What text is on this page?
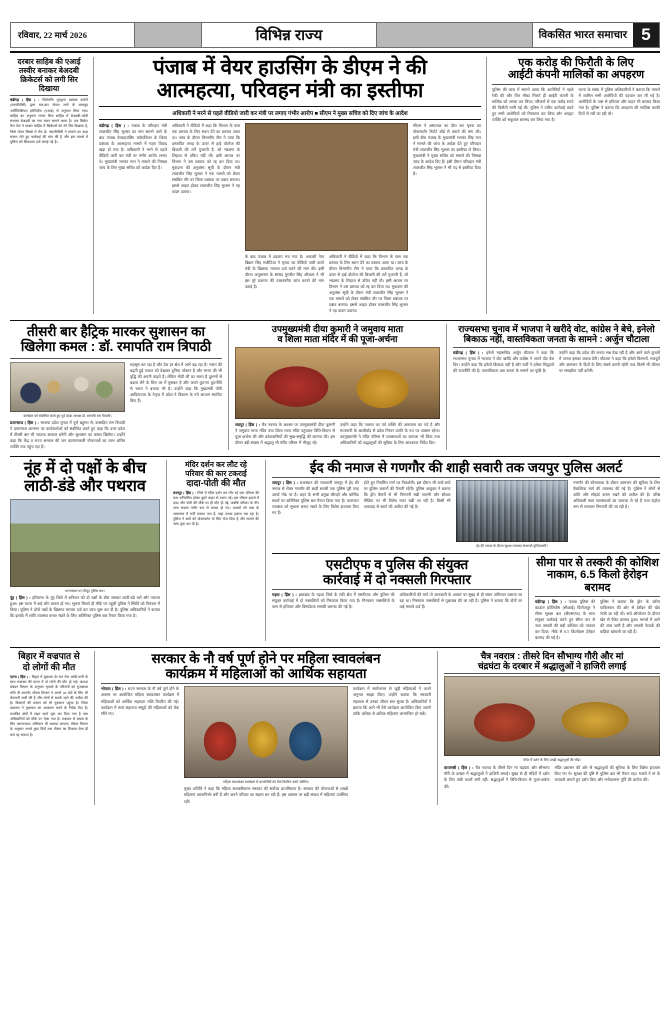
रविवार, 22 मार्च 2026	विभिन्न राज्य	विकसित भारत समाचार 5
दरबार साहिब की एआई
तस्वीर बनाकर बेअदबी
क्रिकेटर्स को लगी सिर दिखाया
चंडीगढ़ ( हिंस ) : शिरोमणि गुरुद्वारा प्रबंधक कमेटी (एसजीपीसी) द्वारा बार-बार चेताए जाने के बावजूद आर्टिफिशियल इंटेलिजेंस (एआई) से अनुमान लिया गया। साहिब का अनुमान लगाए बिना साहिब में बेअदबी-भरेदी बनाकर बेअदबी का नया चलन सामने आया है। एक क्रिकेट फैन पेज ने दरबार साहिब में क्रिकेटर्स को नंगे सिर दिखाया है, जिसे लेकर सिखों में रोष है। एसजीपीसी ने मामले का कड़ा संज्ञान लेते हुए कार्रवाई की मांग की है और इस मामले में पुलिस को शिकायत दर्ज कराई गई है।
पंजाब में वेयर हाउसिंग के डीएम ने की
आत्महत्या, परिवहन मंत्री का इस्तीफा
अधिकारी ने मरने से पहले वीडियो जारी कर मंत्री पर लगाए गंभीर आरोप ■ सीएम ने मुख्य सचिव को दिए जांच के आदेश
चंडीगढ़ ( हिंस ) : पंजाब के परिवहन मंत्री लालजीत सिंह भुल्लर का नाम सामने आने के बाद पंजाब वेयरहाउसिंग कॉरपोरेशन के जिला प्रबंधक के आत्महत्या मामले में गहरा विवाद खड़ा हो गया है। अधिकारी ने मरने से पहले वीडियो जारी कर मंत्री पर गंभीर आरोप लगाए थे। मुख्यमंत्री भगवंत मान ने मामले की निष्पक्ष जांच के लिए मुख्य सचिव को आदेश दिए हैं।
अधिकारी ने वीडियो में कहा कि विभाग के पास एक प्रस्ताव के लिए स्थान देने का प्रस्ताव आया था। जांच के दौरान विभागीय टीम ने पाया कि प्रस्तावित जगह के ऊपर से हाई वोल्टेज की बिजली की तारें गुजरती हैं, जो भंडारण के लिहाज से उचित नहीं थी। इसी आधार पर विभाग ने उस प्रस्ताव को रद्द कर दिया था। मुकदमा की अनुशंसा सूची के दौरान मंत्री लालजीत सिंह भुल्लर ने एक मामले को लेकर संबंधित तौर पर जिला प्रबंधक पर दबाव बनाया। इससे आहत होकर लालजीत सिंह भुल्लर ने यह कदम उठाया।
के बाद पंजाब में हड़कंप मच गया है। अकाली नेता बिक्रम सिंह मजीठिया ने मृतक का वीडियो जारी करते मंत्री के खिलाफ मामला दर्ज करने की मांग की। इसी दौरान अनुशासन के सांसद गुरजीत सिंह औजला ने भी इस पूरे प्रकरण की उच्चस्तरीय जांच कराने की मांग उठाई है।
अधिकारी ने वीडियो में कहा कि विभाग के पास एक प्रस्ताव के लिए स्थान देने का प्रस्ताव आया था। जांच के दौरान विभागीय टीम ने पाया कि प्रस्तावित जगह के ऊपर से हाई वोल्टेज की बिजली की तारें गुजरती हैं, जो भंडारण के लिहाज से उचित नहीं थी। इसी आधार पर विभाग ने उस प्रस्ताव को रद्द कर दिया था। मुकदमा की अनुशंसा सूची के दौरान मंत्री लालजीत सिंह भुल्लर ने एक मामले को लेकर संबंधित तौर पर जिला प्रबंधक पर दबाव बनाया। इससे आहत होकर लालजीत सिंह भुल्लर ने यह कदम उठाया।
सीएम ने अस्पताल का दौरा कर मृतक का पोस्टमार्टम रिपोर्ट बोर्ड से कराने की मांग की। इसी बीच पंजाब के मुख्यमंत्री भगवंत सिंह मान ने मामले की जांच के आदेश देते हुए परिवहन मंत्री लालजीत सिंह भुल्लर का इस्तीफा ले लिया। मुख्यमंत्री ने मुख्य सचिव को मामले की निष्पक्ष जांच के आदेश दिए हैं। इसी दौरान परिवहन मंत्री लालजीत सिंह भुल्लर ने भी पद से इस्तीफा दिया है।
एक करोड़ की फिरौती के लिए
आईटी कंपनी मालिकों का अपहरण
पुलिस की जांच में सामने आया कि आरोपियों ने पहले रेकी की और फिर मौका मिलते ही आईटी कंपनी के मालिक को अगवा कर लिया। परिजनों से एक करोड़ रुपये की फिरौती मांगी गई थी। पुलिस ने त्वरित कार्रवाई करते हुए सभी आरोपियों को गिरफ्तार कर लिया और अपहृत व्यक्ति को सकुशल बरामद कर लिया गया है।
घटना के संबंध में पुलिस अधिकारियों ने बताया कि मामले में शामिल सभी आरोपियों की पहचान कर ली गई है। आरोपियों के पास से हथियार और वाहन भी बरामद किया गया है। पुलिस ने बताया कि अपहरण की साजिश काफी दिनों से रची जा रही थी।
तीसरी बार हैट्रिक मारकर सुशासन का
खिलेगा कमल : डॉ. रमापति राम त्रिपाठी
कार्यक्रम को संबोधित करते हुए पूर्व प्रदेश अध्यक्ष डॉ. रमापति राम त्रिपाठी।
प्रयागराज ( हिंस ) : भाजपा प्रदेश चुनाव में पूर्ण बहुमत से, उत्साहित राम त्रिपाठी ने प्रयागराज आगमन पर कार्यकर्ताओं को संबोधित करते हुए कहा कि उत्तर प्रदेश में तीसरी बार भी भाजपा सरकार बनेगी और सुशासन का कमल खिलेगा। उन्होंने कहा कि केंद्र व राज्य सरकार की जन कल्याणकारी योजनाओं का लाभ अंतिम व्यक्ति तक पहुंच रहा है।
महसूस कर रहा है और देश हर क्षेत्र में आगे बढ़ रहा है। भारत की बढ़ती हुई ताकत को देखकर दुनिया परेशान है और भारत की भी वृद्धि की अपनी चाहते हैं। लेकिन मोदी जी का भारत है दुश्मनों से बदला लेने के लिए घर में घुसकर है और अपने कूटनय कूटनीति से भारत ने बचाया भी है। उन्होंने कहा कि मुख्यमंत्री योगी आदित्यनाथ के नेतृत्व में प्रदेश ने विकास के नये आयाम स्थापित किए हैं।
उपमुख्यमंत्री दीया कुमारी ने जमुवाय माता
व शिला माता मंदिर में की पूजा-अर्चना
जयपुर ( हिंस ) : चैत्र नवरात्र के अवसर पर उपमुख्यमंत्री दीया कुमारी ने जमुवाय माता मंदिर तथा शिला माता मंदिर पहुंचकर विधि-विधान से पूजा-अर्चना की और प्रदेशवासियों की सुख-समृद्धि की कामना की। इस दौरान बड़ी संख्या में श्रद्धालु भी मंदिर परिसर में मौजूद रहे।
उन्होंने कहा कि नवरात्र का पर्व शक्ति की आराधना का पर्व है और मातारानी के आशीर्वाद से प्रदेश निरंतर प्रगति के पथ पर अग्रसर रहेगा। उपमुख्यमंत्री ने मंदिर परिसर में व्यवस्थाओं का जायजा भी लिया तथा अधिकारियों को श्रद्धालुओं की सुविधा के लिए आवश्यक निर्देश दिए।
राज्यसभा चुनाव में भाजपा ने खरीदे वोट, कांग्रेस ने बेचे, इनेलो
बिकाऊ नहीं, वास्तविकता जनता के सामने : अर्जुन चौटाला
चंडीगढ़ ( हिंस ) : इनेलो महासचिव अर्जुन चौटाला ने कहा कि राज्यसभा चुनाव में भाजपा ने वोट खरीदे और कांग्रेस ने अपने वोट बेच दिए। उन्होंने कहा कि इनेलो बिकाऊ नहीं है और पार्टी ने हमेशा सिद्धांतों की राजनीति की है। वास्तविकता अब जनता के सामने आ चुकी है।
उन्होंने कहा कि प्रदेश की जनता सब देख रही है और आने वाले चुनावों में जनता इसका जवाब देगी। चौटाला ने कहा कि इनेलो किसानों, मजदूरों और आमजन के हितों के लिए संघर्ष करती रहेगी तथा किसी भी कीमत पर समझौता नहीं करेगी।
नूंह में दो पक्षों के बीच
लाठी-डंडे और पथराव
घटनास्थल पर मौजूद पुलिस बल।
नूंह ( हिंस ) : हरियाणा के नूंह जिले में शनिवार को दो पक्षों के बीच जमकर लाठी-डंडे चले और पथराव हुआ। इस घटना में कई लोग घायल हो गए। सूचना मिलते ही मौके पर पहुंची पुलिस ने स्थिति को नियंत्रण में किया। पुलिस ने दोनों पक्षों के खिलाफ मामला दर्ज कर जांच शुरू कर दी है। पुलिस अधिकारियों ने बताया कि इलाके में शांति व्यवस्था बनाए रखने के लिए अतिरिक्त पुलिस बल तैनात किया गया है।
मंदिर दर्शन कर लौट रहे
परिवार की कार टकराई
दादा-पोती की मौत
कानपुर ( हिंस ) : जिले में मंदिर दर्शन कर लौट रहे एक परिवार की कार अनियंत्रित होकर दूसरे वाहन से टकरा गई। इस भीषण हादसे में दादा और पोती की मौके पर ही मौत हो गई, जबकि परिवार के तीन अन्य सदस्य गंभीर रूप से घायल हो गए। घायलों को पास के अस्पताल में भर्ती कराया गया है, जहां उनका इलाज चल रहा है। पुलिस ने शवों को पोस्टमार्टम के लिए भेज दिया है और मामले की जांच शुरू कर दी है।
ईद की नमाज से गणगौर की शाही सवारी तक जयपुर पुलिस अलर्ट
जयपुर ( हिंस ) : राजस्थान की राजधानी जयपुर में ईद की नमाज से लेकर गणगौर की शाही सवारी तक पुलिस पूरी तरह अलर्ट मोड पर है। शहर के सभी प्रमुख चौराहों और धार्मिक स्थलों पर अतिरिक्त पुलिस बल तैनात किया गया है। यातायात व्यवस्था को सुचारू बनाए रखने के लिए विशेष इंतजाम किए गए हैं।
होते हुए निर्धारित मार्ग पर निकलेगी। इस दौरान भी चप्पे-चप्पे पर पुलिस जवानों की तैनाती रहेगी। पुलिस आयुक्त ने बताया कि ड्रोन कैमरों से भी निगरानी रखी जाएगी और सोशल मीडिया पर भी विशेष नजर रखी जा रही है। किसी भी अफवाह से बचने की अपील की गई है।
ईद की नमाज के दौरान सुरक्षा व्यवस्था संभालते पुलिसकर्मी।
गणगौर की शोभायात्रा के दौरान आमजन की सुविधा के लिए वैकल्पिक मार्ग की व्यवस्था की गई है। पुलिस ने लोगों से शांति और सौहार्द बनाए रखने की अपील की है। वरिष्ठ अधिकारी स्वयं व्यवस्थाओं का जायजा ले रहे हैं तथा कंट्रोल रूम से लगातार निगरानी की जा रही है।
एसटीएफ व पुलिस की संयुक्त
कार्रवाई में दो नक्सली गिरफ्तार
गढ़वा ( हिंस ) : झारखंड के गढ़वा जिले के रंकी क्षेत्र में एसटीएफ और पुलिस की संयुक्त कार्रवाई में दो नक्सलियों को गिरफ्तार किया गया है। गिरफ्तार नक्सलियों के पास से हथियार और विस्फोटक सामग्री बरामद की गई है।
अधिकारियों की मानें तो जानकारी के आधार पर सुबह से ही सघन अभियान चलाया जा रहा था। गिरफ्तार नक्सलियों से पूछताछ की जा रही है। पुलिस ने बताया कि दोनों पर कई मामले दर्ज हैं।
सीमा पार से तस्करी की कोशिश
नाकाम, 6.5 किलो हेरोइन बरामद
चंडीगढ़ ( हिंस ) : पंजाब पुलिस की काउंटर इंटेलिजेंस (सीआई) फिरोजपुर ने सीमा सुरक्षा बल (बीएसएफ) के साथ संयुक्त कार्रवाई करते हुए सीमा पार से नशा तस्करी की बड़ी कोशिश को नाकाम कर दिया। मौके से 6.5 किलोग्राम हेरोइन बरामद की गई है।
पुलिस ने बताया कि ड्रोन के जरिए पाकिस्तान की ओर से हेरोइन की खेप भेजी जा रही थी। सर्च ऑपरेशन के दौरान खेत से पैकेट बरामद हुआ। मामले में आगे की जांच जारी है और तस्करी नेटवर्क की कड़ियां खंगाली जा रही हैं।
बिहार में वज्रपात से
दो लोगों की मौत
पटना ( हिंस ) : बिहार में शुक्रवार देर रात तेज आंधी-पानी के साथ वज्रपात की घटना में दो लोगों की मौत हो गई। आपदा प्रबंधन विभाग के अनुसार मृतकों के परिजनों को मुआवजा राशि दी जाएगी। मौसम विभाग ने अगले 48 घंटों के लिए भी चेतावनी जारी की है और लोगों से सतर्क रहने की अपील की है। किसानों की फसल को भी नुकसान पहुंचा है। जिला प्रशासन ने नुकसान का आकलन करने के निर्देश दिए हैं। प्रभावित क्षेत्रों में राहत कार्य शुरू कर दिया गया है तथा अधिकारियों को मौके पर भेजा गया है। वज्रपात से बचाव के लिए जागरूकता अभियान भी चलाया जाएगा। मौसम विभाग के अनुसार अगले कुछ दिनों तक मौसम का मिजाज ऐसा ही बना रह सकता है।
सरकार के नौ वर्ष पूर्ण होने पर महिला स्वावलंबन
कार्यक्रम में महिलाओं को आर्थिक सहायता
भोपाल ( हिंस ) : राज्य सरकार के नौ वर्ष पूर्ण होने के अवसर पर आयोजित महिला स्वावलंबन कार्यक्रम में महिलाओं को आर्थिक सहायता राशि वितरित की गई। कार्यक्रम में स्वयं सहायता समूहों की महिलाओं को चेक सौंपे गए।
महिला स्वावलंबन कार्यक्रम में लाभार्थियों को चेक वितरित करते अतिथि।
मुख्य अतिथि ने कहा कि महिला सशक्तीकरण सरकार की सर्वोच्च प्राथमिकता है। सरकार की योजनाओं से लाखों महिलाएं आत्मनिर्भर बनी हैं और अपने परिवार का सहारा बन रही हैं। इस अवसर पर बड़ी संख्या में महिलाएं उपस्थित रहीं।
कार्यक्रम में स्वरोजगार से जुड़ी महिलाओं ने अपने अनुभव साझा किए। उन्होंने बताया कि सरकारी सहायता से उनका जीवन स्तर सुधरा है। अधिकारियों ने बताया कि आगे भी ऐसे कार्यक्रम आयोजित किए जाएंगे ताकि अधिक से अधिक महिलाएं लाभान्वित हो सकें।
चैत्र नवरात्र : तीसरे दिन सौभाग्य गौरी और मां
चंद्रघंटा के दरबार में श्रद्धालुओं ने हाजिरी लगाई
मंदिर में दर्शन के लिए उमड़ी श्रद्धालुओं की भीड़।
वाराणसी ( हिंस ) : चैत्र नवरात्र के तीसरे दिन मां चंद्रघंटा और सौभाग्य गौरी के दरबार में श्रद्धालुओं ने हाजिरी लगाई। सुबह से ही मंदिरों में दर्शन के लिए लंबी कतारें लगी रहीं। श्रद्धालुओं ने विधि-विधान से पूजा-अर्चना की।
मंदिर प्रशासन की ओर से श्रद्धालुओं की सुविधा के लिए विशेष इंतजाम किए गए थे। सुरक्षा की दृष्टि से पुलिस बल भी तैनात रहा। भक्तों ने मां के जयकारे लगाते हुए दर्शन किए और मनोकामना पूर्ति की प्रार्थना की।
